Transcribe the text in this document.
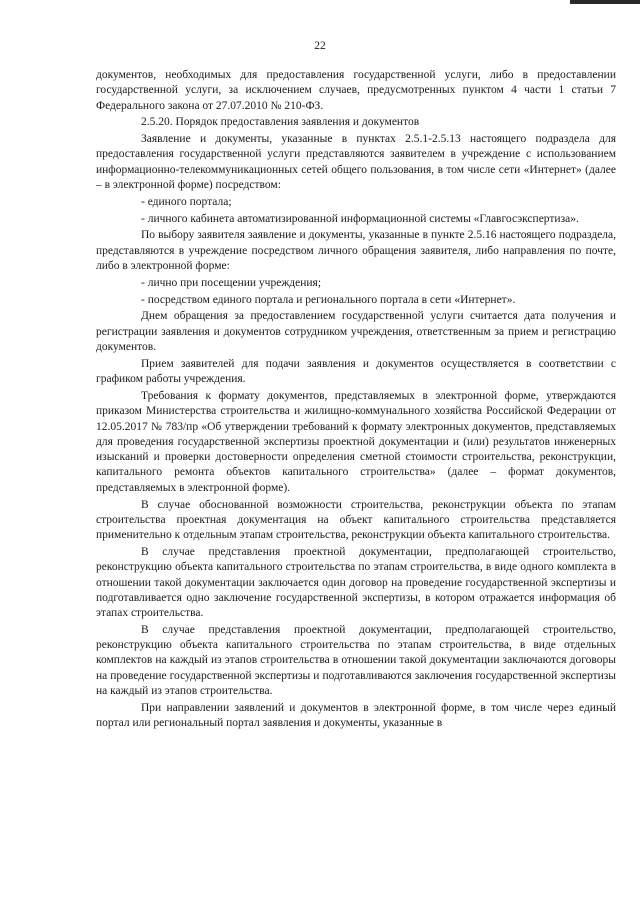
22

документов, необходимых для предоставления государственной услуги, либо в предоставлении государственной услуги, за исключением случаев, предусмотренных пунктом 4 части 1 статьи 7 Федерального закона от 27.07.2010 № 210-ФЗ.

2.5.20. Порядок предоставления заявления и документов

Заявление и документы, указанные в пунктах 2.5.1-2.5.13 настоящего подраздела для предоставления государственной услуги представляются заявителем в учреждение с использованием информационно-телекоммуникационных сетей общего пользования, в том числе сети «Интернет» (далее – в электронной форме) посредством:

- единого портала;

- личного кабинета автоматизированной информационной системы «Главгосэкспертиза».

По выбору заявителя заявление и документы, указанные в пункте 2.5.16 настоящего подраздела, представляются в учреждение посредством личного обращения заявителя, либо направления по почте, либо в электронной форме:

- лично при посещении учреждения;

- посредством единого портала и регионального портала в сети «Интернет».

Днем обращения за предоставлением государственной услуги считается дата получения и регистрации заявления и документов сотрудником учреждения, ответственным за прием и регистрацию документов.

Прием заявителей для подачи заявления и документов осуществляется в соответствии с графиком работы учреждения.

Требования к формату документов, представляемых в электронной форме, утверждаются приказом Министерства строительства и жилищно-коммунального хозяйства Российской Федерации от 12.05.2017 № 783/пр «Об утверждении требований к формату электронных документов, представляемых для проведения государственной экспертизы проектной документации и (или) результатов инженерных изысканий и проверки достоверности определения сметной стоимости строительства, реконструкции, капитального ремонта объектов капитального строительства» (далее – формат документов, представляемых в электронной форме).

В случае обоснованной возможности строительства, реконструкции объекта по этапам строительства проектная документация на объект капитального строительства представляется применительно к отдельным этапам строительства, реконструкции объекта капитального строительства.

В случае представления проектной документации, предполагающей строительство, реконструкцию объекта капитального строительства по этапам строительства, в виде одного комплекта в отношении такой документации заключается один договор на проведение государственной экспертизы и подготавливается одно заключение государственной экспертизы, в котором отражается информация об этапах строительства.

В случае представления проектной документации, предполагающей строительство, реконструкцию объекта капитального строительства по этапам строительства, в виде отдельных комплектов на каждый из этапов строительства в отношении такой документации заключаются договоры на проведение государственной экспертизы и подготавливаются заключения государственной экспертизы на каждый из этапов строительства.

При направлении заявлений и документов в электронной форме, в том числе через единый портал или региональный портал заявления и документы, указанные в
